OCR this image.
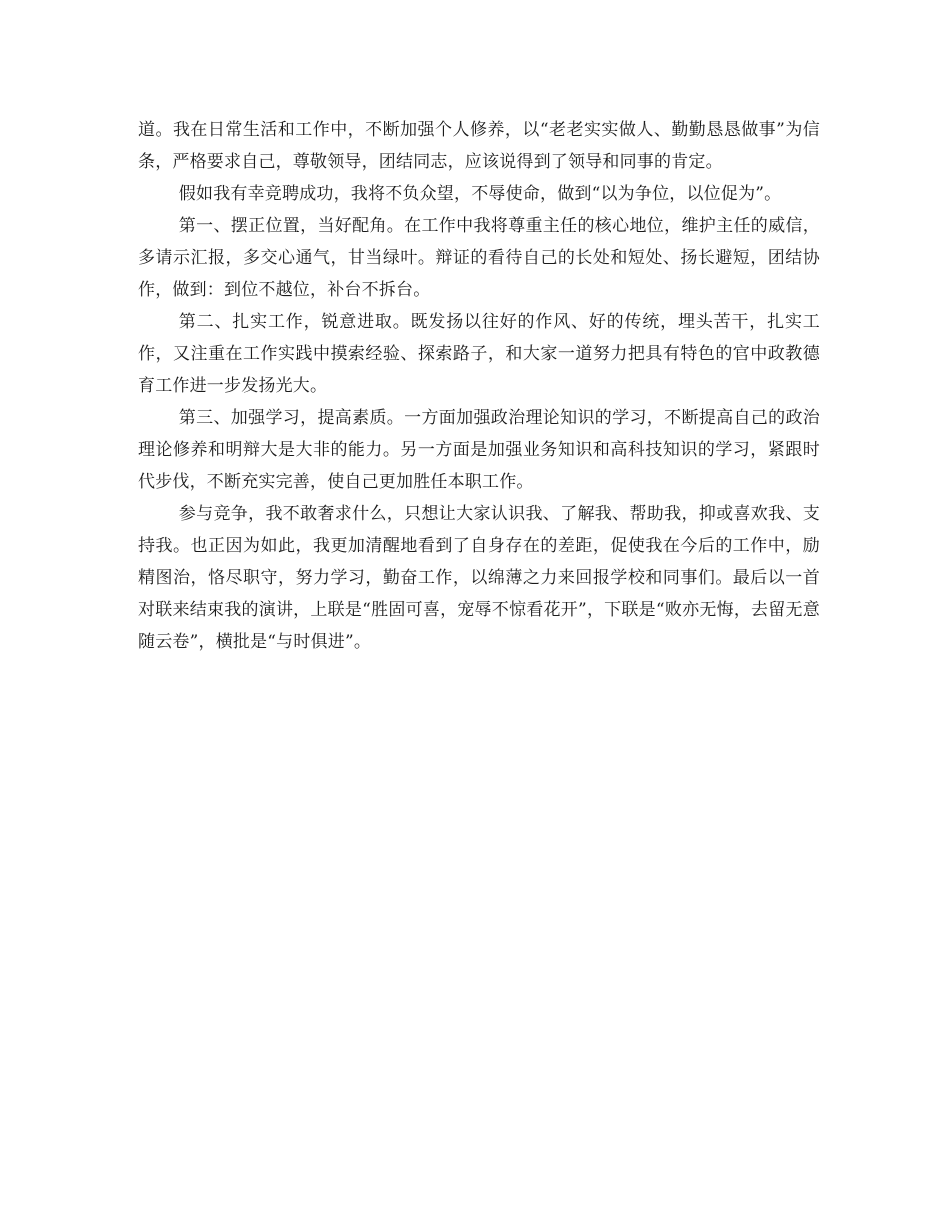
道。我在日常生活和工作中，不断加强个人修养，以“老老实实做人、勤勤恳恳做事”为信条，严格要求自己，尊敬领导，团结同志，应该说得到了领导和同事的肯定。

假如我有幸竞聘成功，我将不负众望，不辱使命，做到“以为争位，以位促为”。

第一、摆正位置，当好配角。在工作中我将尊重主任的核心地位，维护主任的威信，多请示汇报，多交心通气，甘当绿叶。辩证的看待自己的长处和短处、扬长避短，团结协作，做到：到位不越位，补台不拆台。

第二、扎实工作，锐意进取。既发扬以往好的作风、好的传统，埋头苦干，扎实工作，又注重在工作实践中摸索经验、探索路子，和大家一道努力把具有特色的官中政教德育工作进一步发扬光大。

第三、加强学习，提高素质。一方面加强政治理论知识的学习，不断提高自己的政治理论修养和明辩大是大非的能力。另一方面是加强业务知识和高科技知识的学习，紧跟时代步伐，不断充实完善，使自己更加胜任本职工作。

参与竞争，我不敢奢求什么，只想让大家认识我、了解我、帮助我，抑或喜欢我、支持我。也正因为如此，我更加清醒地看到了自身存在的差距，促使我在今后的工作中，励精图治，恪尽职守，努力学习，勤奋工作，以绵薄之力来回报学校和同事们。最后以一首对联来结束我的演讲，上联是“胜固可喜，宠辱不惊看花开”，下联是“败亦无悔，去留无意随云卷”，横批是“与时俱进”。
